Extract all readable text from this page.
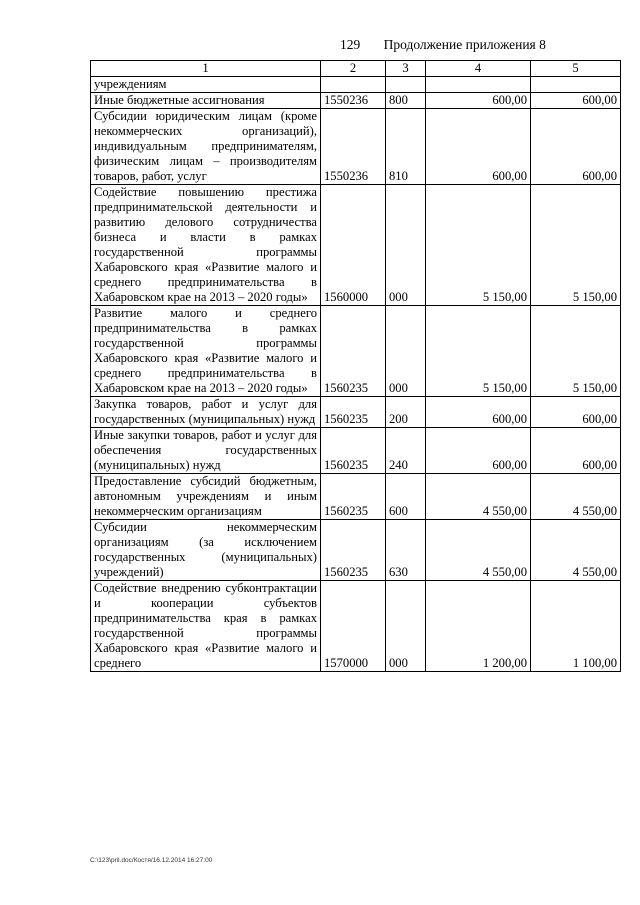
129 Продолжение приложения 8
1	2	3	4	5
учреждениям				
Иные бюджетные ассигнования	1550236	800	600,00	600,00
Субсидии юридическим лицам (кроме некоммерческих организаций), индивидуальным предпринимателям, физическим лицам – производителям товаров, работ, услуг	1550236	810	600,00	600,00
Содействие повышению престижа предпринимательской деятельности и развитию делового сотрудничества бизнеса и власти в рамках государственной программы Хабаровского края «Развитие малого и среднего предпринимательства в Хабаровском крае на 2013 – 2020 годы»	1560000	000	5 150,00	5 150,00
Развитие малого и среднего предпринимательства в рамках государственной программы Хабаровского края «Развитие малого и среднего предпринимательства в Хабаровском крае на 2013 – 2020 годы»	1560235	000	5 150,00	5 150,00
Закупка товаров, работ и услуг для государственных (муниципальных) нужд	1560235	200	600,00	600,00
Иные закупки товаров, работ и услуг для обеспечения государственных (муниципальных) нужд	1560235	240	600,00	600,00
Предоставление субсидий бюджетным, автономным учреждениям и иным некоммерческим организациям	1560235	600	4 550,00	4 550,00
Субсидии некоммерческим организациям (за исключением государственных (муниципальных) учреждений)	1560235	630	4 550,00	4 550,00
Содействие внедрению субконтрактации и кооперации субъектов предпринимательства края в рамках государственной программы Хабаровского края «Развитие малого и среднего	1570000	000	1 200,00	1 100,00
C:\123\pril.doc/Костя/16.12.2014 16:27:00
